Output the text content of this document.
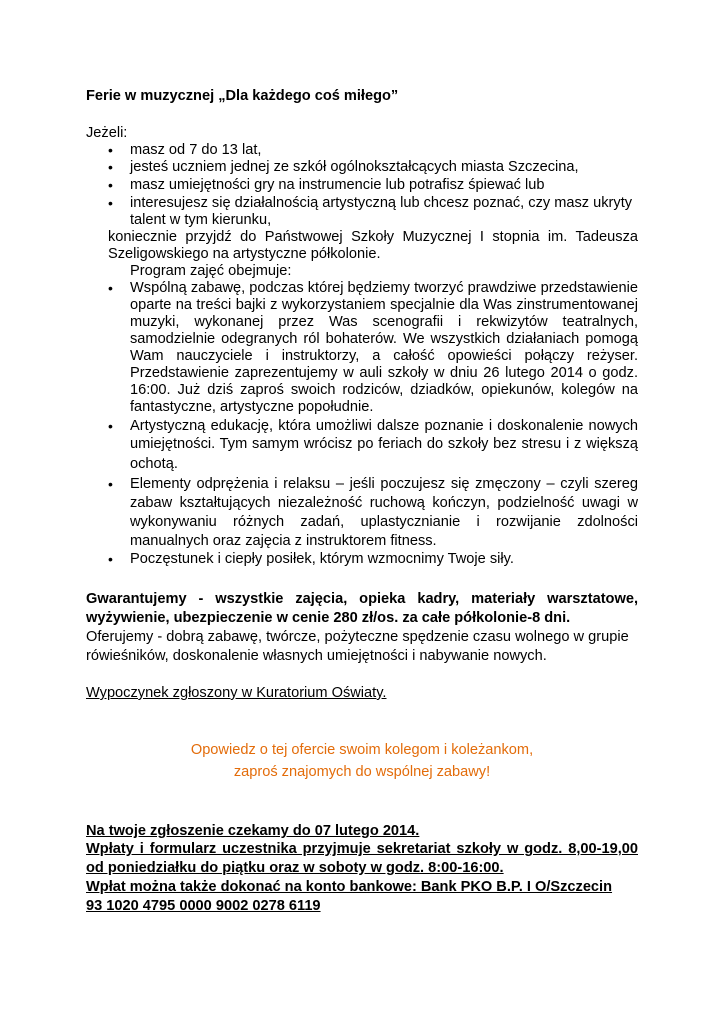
Ferie w muzycznej „Dla każdego coś miłego”
Jeżeli:
•	masz od 7 do 13 lat,
•	jesteś uczniem jednej ze szkół ogólnokształcących miasta Szczecina,
•	masz umiejętności gry na instrumencie lub potrafisz śpiewać lub
•	interesujesz się działalnością artystyczną lub chcesz poznać, czy masz ukryty
talent w tym kierunku,
koniecznie przyjdź do Państwowej Szkoły Muzycznej I stopnia im. Tadeusza
Szeligowskiego na artystyczne półkolonie.
Program zajęć obejmuje:
•	Wspólną zabawę, podczas której będziemy tworzyć prawdziwe przedstawienie
oparte na treści bajki z wykorzystaniem specjalnie dla Was zinstrumentowanej
muzyki, wykonanej przez Was scenografii i rekwizytów teatralnych,
samodzielnie odegranych ról bohaterów. We wszystkich działaniach pomogą
Wam nauczyciele i instruktorzy, a całość opowieści połączy reżyser.
Przedstawienie zaprezentujemy w auli szkoły w dniu 26 lutego 2014 o godz.
16:00. Już dziś zaproś swoich rodziców, dziadków, opiekunów, kolegów na
fantastyczne, artystyczne popołudnie.
•	Artystyczną edukację, która umożliwi dalsze poznanie i doskonalenie nowych
umiejętności. Tym samym wrócisz po feriach do szkoły bez stresu i z większą
ochotą.
•	Elementy odprężenia i relaksu – jeśli poczujesz się zmęczony – czyli szereg
zabaw kształtujących niezależność ruchową kończyn, podzielność uwagi w
wykonywaniu różnych zadań, uplastycznianie i rozwijanie zdolności
manualnych oraz zajęcia z instruktorem fitness.
•	Poczęstunek i ciepły posiłek, którym wzmocnimy Twoje siły.
Gwarantujemy - wszystkie zajęcia, opieka kadry, materiały warsztatowe,
wyżywienie, ubezpieczenie w cenie 280 zł/os. za całe półkolonie-8 dni.
Oferujemy - dobrą zabawę, twórcze, pożyteczne spędzenie czasu wolnego w grupie
rówieśników, doskonalenie własnych umiejętności i nabywanie nowych.
Wypoczynek zgłoszony w Kuratorium Oświaty.
Opowiedz o tej ofercie swoim kolegom i koleżankom,
zaproś znajomych do wspólnej zabawy!
Na twoje zgłoszenie czekamy do 07 lutego 2014.
Wpłaty i formularz uczestnika przyjmuje sekretariat szkoły w godz. 8,00-19,00
od poniedziałku do piątku oraz w soboty w godz. 8:00-16:00.
Wpłat można także dokonać na konto bankowe: Bank PKO B.P. I O/Szczecin
93 1020 4795 0000 9002 0278 6119
